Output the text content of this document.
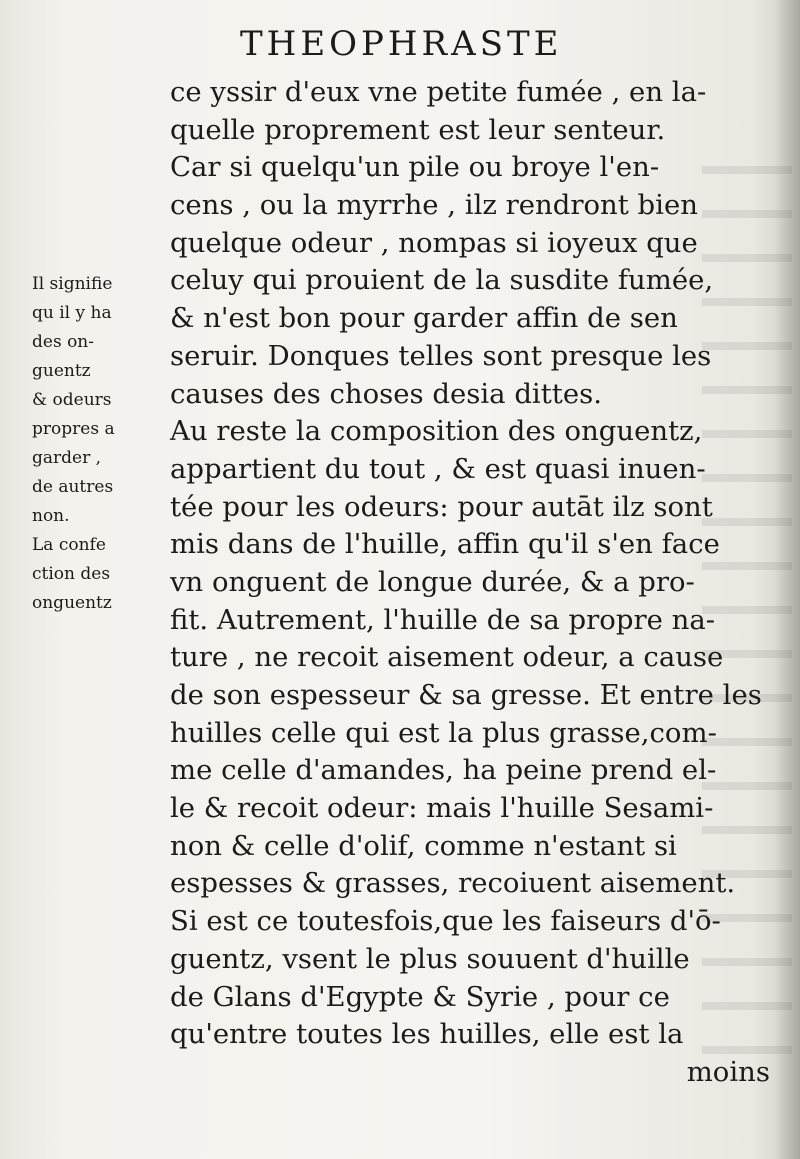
THEOPHRASTE
Il signifie
qu il y ha
des on-
guentz
& odeurs
propres a
garder ,
de autres
non.
La confe
ction des
onguentz
ce yssir d'eux vne petite fumée , en la-
quelle proprement est leur senteur.
Car si quelqu'un pile ou broye l'en-
cens , ou la myrrhe , ilz rendront bien
quelque odeur , nompas si ioyeux que
celuy qui prouient de la susdite fumée,
& n'est bon pour garder affin de sen
seruir. Donques telles sont presque les
causes des choses desia dittes.
Au reste la composition des onguentz,
appartient du tout , & est quasi inuen-
tée pour les odeurs: pour autāt ilz sont
mis dans de l'huille, affin qu'il s'en face
vn onguent de longue durée, & a pro-
fit. Autrement, l'huille de sa propre na-
ture , ne recoit aisement odeur, a cause
de son espesseur & sa gresse. Et entre les
huilles celle qui est la plus grasse,com-
me celle d'amandes, ha peine prend el-
le & recoit odeur: mais l'huille Sesami-
non & celle d'olif, comme n'estant si
espesses & grasses, recoiuent aisement.
Si est ce toutesfois,que les faiseurs d'ō-
guentz, vsent le plus souuent d'huille
de Glans d'Egypte & Syrie , pour ce
qu'entre toutes les huilles, elle est la
moins
